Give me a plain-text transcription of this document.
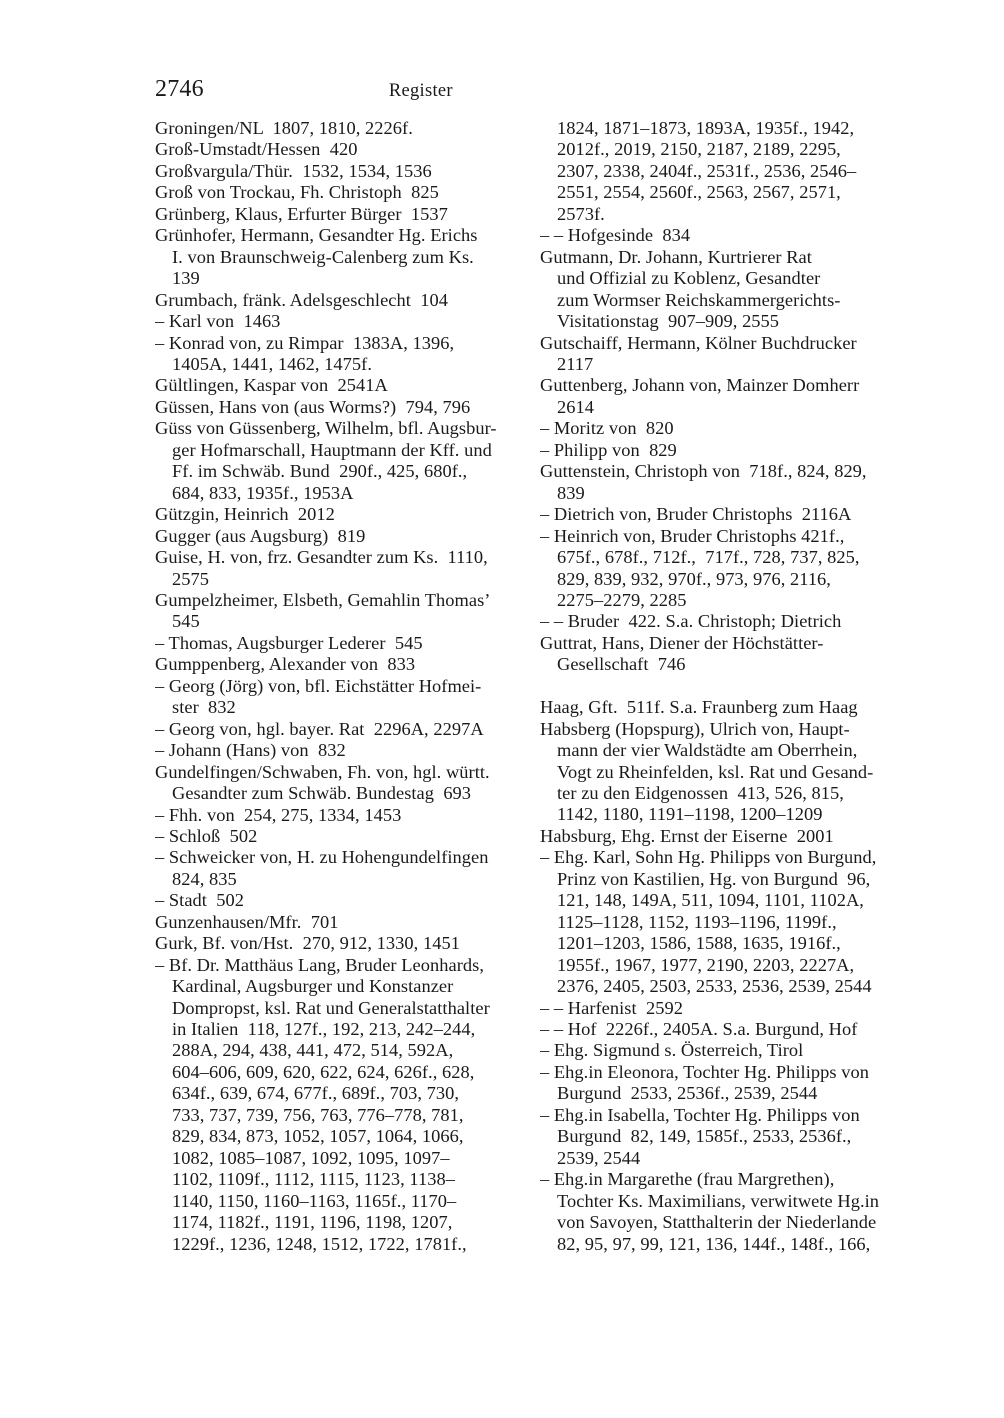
2746	Register

Groningen/NL  1807, 1810, 2226f.

Groß-Umstadt/Hessen  420

Großvargula/Thür.  1532, 1534, 1536

Groß von Trockau, Fh. Christoph  825

Grünberg, Klaus, Erfurter Bürger  1537

Grünhofer, Hermann, Gesandter Hg. Erichs
I. von Braunschweig-Calenberg zum Ks.
139

Grumbach, fränk. Adelsgeschlecht  104

– Karl von  1463

– Konrad von, zu Rimpar  1383A, 1396,
1405A, 1441, 1462, 1475f.

Gültlingen, Kaspar von  2541A

Güssen, Hans von (aus Worms?)  794, 796

Güss von Güssenberg, Wilhelm, bfl. Augsbur-
ger Hofmarschall, Hauptmann der Kff. und
Ff. im Schwäb. Bund  290f., 425, 680f.,
684, 833, 1935f., 1953A

Gützgin, Heinrich  2012

Gugger (aus Augsburg)  819

Guise, H. von, frz. Gesandter zum Ks.  1110,
2575

Gumpelzheimer, Elsbeth, Gemahlin Thomas’
545

– Thomas, Augsburger Lederer  545

Gumppenberg, Alexander von  833

– Georg (Jörg) von, bfl. Eichstätter Hofmei-
ster  832

– Georg von, hgl. bayer. Rat  2296A, 2297A

– Johann (Hans) von  832

Gundelfingen/Schwaben, Fh. von, hgl. württ.
Gesandter zum Schwäb. Bundestag  693

– Fhh. von  254, 275, 1334, 1453

– Schloß  502

– Schweicker von, H. zu Hohengundelfingen
824, 835

– Stadt  502

Gunzenhausen/Mfr.  701

Gurk, Bf. von/Hst.  270, 912, 1330, 1451

– Bf. Dr. Matthäus Lang, Bruder Leonhards,
Kardinal, Augsburger und Konstanzer
Dompropst, ksl. Rat und Generalstatthalter
in Italien  118, 127f., 192, 213, 242–244,
288A, 294, 438, 441, 472, 514, 592A,
604–606, 609, 620, 622, 624, 626f., 628,
634f., 639, 674, 677f., 689f., 703, 730,
733, 737, 739, 756, 763, 776–778, 781,
829, 834, 873, 1052, 1057, 1064, 1066,
1082, 1085–1087, 1092, 1095, 1097–
1102, 1109f., 1112, 1115, 1123, 1138–
1140, 1150, 1160–1163, 1165f., 1170–
1174, 1182f., 1191, 1196, 1198, 1207,
1229f., 1236, 1248, 1512, 1722, 1781f.,

1824, 1871–1873, 1893A, 1935f., 1942,
2012f., 2019, 2150, 2187, 2189, 2295,
2307, 2338, 2404f., 2531f., 2536, 2546–
2551, 2554, 2560f., 2563, 2567, 2571,
2573f.

– – Hofgesinde  834

Gutmann, Dr. Johann, Kurtrierer Rat
und Offizial zu Koblenz, Gesandter
zum Wormser Reichskammergerichts-
Visitationstag  907–909, 2555

Gutschaiff, Hermann, Kölner Buchdrucker
2117

Guttenberg, Johann von, Mainzer Domherr
2614

– Moritz von  820

– Philipp von  829

Guttenstein, Christoph von  718f., 824, 829,
839

– Dietrich von, Bruder Christophs  2116A

– Heinrich von, Bruder Christophs 421f.,
675f., 678f., 712f.,  717f., 728, 737, 825,
829, 839, 932, 970f., 973, 976, 2116,
2275–2279, 2285

– – Bruder  422. S.a. Christoph; Dietrich

Guttrat, Hans, Diener der Höchstätter-
Gesellschaft  746

Haag, Gft.  511f. S.a. Fraunberg zum Haag

Habsberg (Hopspurg), Ulrich von, Haupt-
mann der vier Waldstädte am Oberrhein,
Vogt zu Rheinfelden, ksl. Rat und Gesand-
ter zu den Eidgenossen  413, 526, 815,
1142, 1180, 1191–1198, 1200–1209

Habsburg, Ehg. Ernst der Eiserne  2001

– Ehg. Karl, Sohn Hg. Philipps von Burgund,
Prinz von Kastilien, Hg. von Burgund  96,
121, 148, 149A, 511, 1094, 1101, 1102A,
1125–1128, 1152, 1193–1196, 1199f.,
1201–1203, 1586, 1588, 1635, 1916f.,
1955f., 1967, 1977, 2190, 2203, 2227A,
2376, 2405, 2503, 2533, 2536, 2539, 2544

– – Harfenist  2592

– – Hof  2226f., 2405A. S.a. Burgund, Hof

– Ehg. Sigmund s. Österreich, Tirol

– Ehg.in Eleonora, Tochter Hg. Philipps von
Burgund  2533, 2536f., 2539, 2544

– Ehg.in Isabella, Tochter Hg. Philipps von
Burgund  82, 149, 1585f., 2533, 2536f.,
2539, 2544

– Ehg.in Margarethe (frau Margrethen),
Tochter Ks. Maximilians, verwitwete Hg.in
von Savoyen, Statthalterin der Niederlande
82, 95, 97, 99, 121, 136, 144f., 148f., 166,
